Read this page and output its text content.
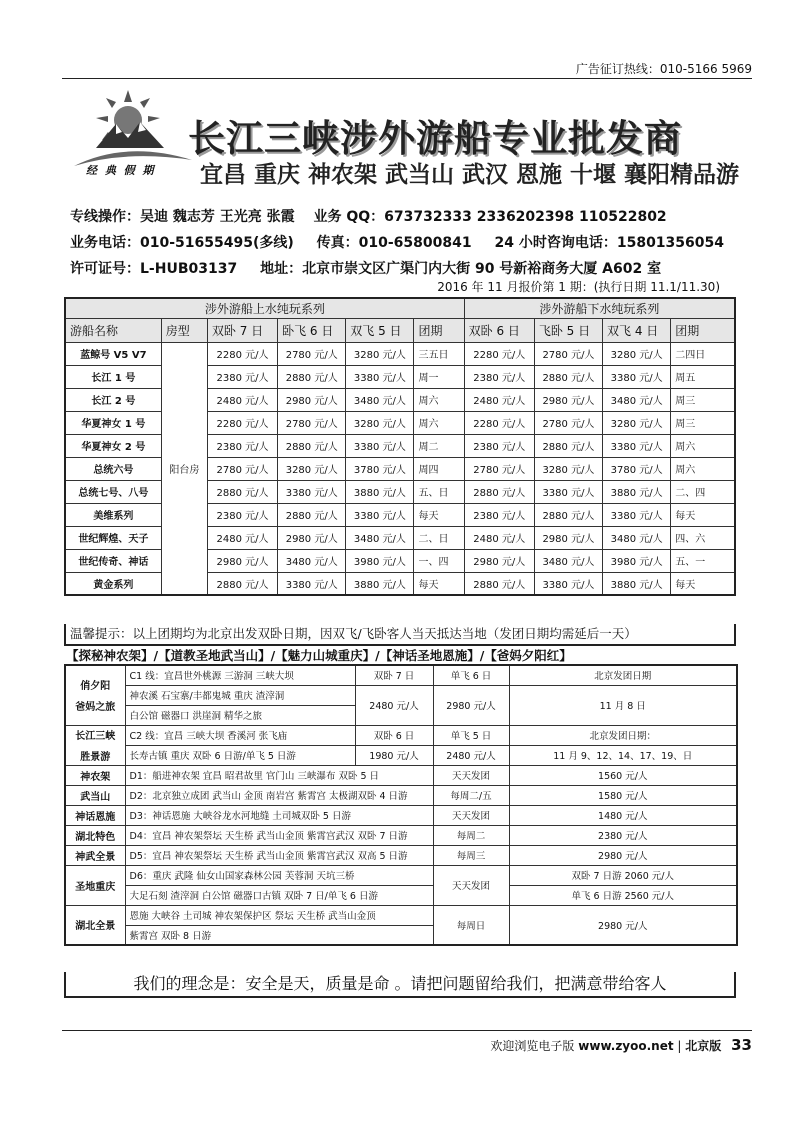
广告征订热线：010-5166 5969
经 典 假 期
长江三峡涉外游船专业批发商
宜昌 重庆 神农架 武当山 武汉 恩施 十堰 襄阳精品游
专线操作：吴迪 魏志芳 王光亮 张霞 业务 QQ：673732333 2336202398 110522802
业务电话：010-51655495(多线) 传真：010-65800841 24 小时咨询电话：15801356054
许可证号：L-HUB03137 地址：北京市崇文区广渠门内大街 90 号新裕商务大厦 A602 室
2016 年 11 月报价第 1 期：(执行日期 11.1/11.30)
涉外游船上水纯玩系列						涉外游船下水纯玩系列			
游船名称	房型	双卧 7 日	卧飞 6 日	双飞 5 日	团期	双卧 6 日	飞卧 5 日	双飞 4 日	团期
蓝鲸号 V5 V7	阳台房	2280 元/人	2780 元/人	3280 元/人	三五日	2280 元/人	2780 元/人	3280 元/人	二四日
长江 1 号		2380 元/人	2880 元/人	3380 元/人	周一	2380 元/人	2880 元/人	3380 元/人	周五
长江 2 号		2480 元/人	2980 元/人	3480 元/人	周六	2480 元/人	2980 元/人	3480 元/人	周三
华夏神女 1 号		2280 元/人	2780 元/人	3280 元/人	周六	2280 元/人	2780 元/人	3280 元/人	周三
华夏神女 2 号		2380 元/人	2880 元/人	3380 元/人	周二	2380 元/人	2880 元/人	3380 元/人	周六
总统六号		2780 元/人	3280 元/人	3780 元/人	周四	2780 元/人	3280 元/人	3780 元/人	周六
总统七号、八号		2880 元/人	3380 元/人	3880 元/人	五、日	2880 元/人	3380 元/人	3880 元/人	二、四
美维系列		2380 元/人	2880 元/人	3380 元/人	每天	2380 元/人	2880 元/人	3380 元/人	每天
世纪辉煌、天子		2480 元/人	2980 元/人	3480 元/人	二、日	2480 元/人	2980 元/人	3480 元/人	四、六
世纪传奇、神话		2980 元/人	3480 元/人	3980 元/人	一、四	2980 元/人	3480 元/人	3980 元/人	五、一
黄金系列		2880 元/人	3380 元/人	3880 元/人	每天	2880 元/人	3380 元/人	3880 元/人	每天
温馨提示：以上团期均为北京出发双卧日期，因双飞/飞卧客人当天抵达当地（发团日期均需延后一天）
【探秘神农架】/【道教圣地武当山】/【魅力山城重庆】/【神话圣地恩施】/【爸妈夕阳红】
俏夕阳
爸妈之旅	C1 线：宜昌世外桃源 三游洞 三峡大坝	双卧 7 日	单飞 6 日	北京发团日期
	神农溪 石宝寨/丰都鬼城 重庆 渣滓洞	2480 元/人	2980 元/人	11 月 8 日
	白公馆 磁器口 洪崖洞 精华之旅			

长江三峡
胜景游	C2 线：宜昌 三峡大坝 香溪河 张飞庙	双卧 6 日	单飞 5 日	北京发团日期：
	长寿古镇 重庆 双卧 6 日游/单飞 5 日游	1980 元/人	2480 元/人	11 月 9、12、14、17、19、日
神农架	D1：船进神农架 宜昌 昭君故里 官门山 三峡瀑布 双卧 5 日		天天发团	1560 元/人
武当山	D2：北京独立成团 武当山 金顶 南岩宫 紫霄宫 太极湖双卧 4 日游		每周二/五	1580 元/人
神话恩施	D3：神话恩施 大峡谷龙水河地缝 土司城双卧 5 日游		天天发团	1480 元/人
湖北特色	D4：宜昌 神农架祭坛 天生桥 武当山金顶 紫霄宫武汉 双卧 7 日游		每周二	2380 元/人
神武全景	D5：宜昌 神农架祭坛 天生桥 武当山金顶 紫霄宫武汉 双高 5 日游		每周三	2980 元/人
圣地重庆	D6：重庆 武隆 仙女山国家森林公园 芙蓉洞 天坑三桥		天天发团	双卧 7 日游 2060 元/人
	大足石刻 渣滓洞 白公馆 磁器口古镇 双卧 7 日/单飞 6 日游			单飞 6 日游 2560 元/人
湖北全景	恩施 大峡谷 土司城 神农架保护区 祭坛 天生桥 武当山金顶		每周日	2980 元/人
	紫霄宫 双卧 8 日游			
我们的理念是：安全是天，质量是命 。请把问题留给我们，把满意带给客人
欢迎浏览电子版 www.zyoo.net | 北京版 33
